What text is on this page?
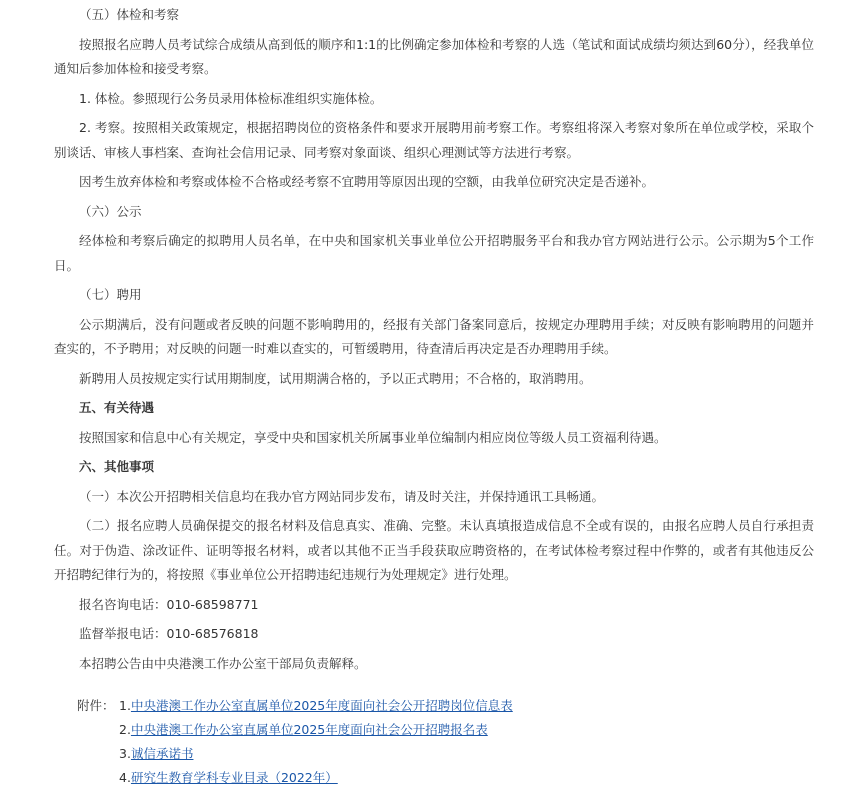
（五）体检和考察

按照报名应聘人员考试综合成绩从高到低的顺序和1:1的比例确定参加体检和考察的人选（笔试和面试成绩均须达到60分），经我单位通知后参加体检和接受考察。

1. 体检。参照现行公务员录用体检标准组织实施体检。

2. 考察。按照相关政策规定，根据招聘岗位的资格条件和要求开展聘用前考察工作。考察组将深入考察对象所在单位或学校，采取个别谈话、审核人事档案、查询社会信用记录、同考察对象面谈、组织心理测试等方法进行考察。

因考生放弃体检和考察或体检不合格或经考察不宜聘用等原因出现的空额，由我单位研究决定是否递补。

（六）公示

经体检和考察后确定的拟聘用人员名单，在中央和国家机关事业单位公开招聘服务平台和我办官方网站进行公示。公示期为5个工作日。

（七）聘用

公示期满后，没有问题或者反映的问题不影响聘用的，经报有关部门备案同意后，按规定办理聘用手续；对反映有影响聘用的问题并查实的，不予聘用；对反映的问题一时难以查实的，可暂缓聘用，待查清后再决定是否办理聘用手续。

新聘用人员按规定实行试用期制度，试用期满合格的，予以正式聘用；不合格的，取消聘用。

五、有关待遇

按照国家和信息中心有关规定，享受中央和国家机关所属事业单位编制内相应岗位等级人员工资福利待遇。

六、其他事项

（一）本次公开招聘相关信息均在我办官方网站同步发布，请及时关注，并保持通讯工具畅通。

（二）报名应聘人员确保提交的报名材料及信息真实、准确、完整。未认真填报造成信息不全或有误的，由报名应聘人员自行承担责任。对于伪造、涂改证件、证明等报名材料，或者以其他不正当手段获取应聘资格的，在考试体检考察过程中作弊的，或者有其他违反公开招聘纪律行为的，将按照《事业单位公开招聘违纪违规行为处理规定》进行处理。

报名咨询电话：010-68598771

监督举报电话：010-68576818

本招聘公告由中央港澳工作办公室干部局负责解释。

附件： 1.中央港澳工作办公室直属单位2025年度面向社会公开招聘岗位信息表
2.中央港澳工作办公室直属单位2025年度面向社会公开招聘报名表
3.诚信承诺书
4.研究生教育学科专业目录（2022年）
